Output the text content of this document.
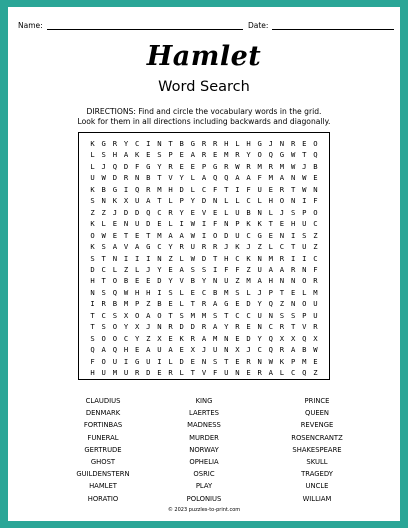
Name:	Date:
Hamlet
Word Search
DIRECTIONS: Find and circle the vocabulary words in the grid.
Look for them in all directions including backwards and diagonally.
K G R Y C I N T B G R R H L H G J N R E O
L S H A K E S P E A R E M R Y O Q G W T Q
L J Q D F G Y R E E P G R W R M R M W J B
U W D R N B T V Y L A Q Q A A F M A N W E
K B G I Q R M H D L C F T I F U E R T W N
S N K X U A T L P Y D N L L C L H O N I F
Z Z J D D Q C R Y E V E L U B N L J S P O
K L E N U D E L I W I F N P K K T E H U C
O W E T E T M A A W I O D U C G E N I S Z
K S A V A G C Y R U R R J K J Z L C T U Z
S T N I I I N Z L W D T H C K N M R I I C
D C L Z L J Y E A S S I F F Z U A A R N F
H T O B E E D Y V B Y N U Z M A H N N O R
N S Q W H H I S L E C B M S L J P T E L M
I R B M P Z B E L T R A G E D Y Q Z N O U
T C S X O A O T S M M S T C C U N S S P U
T S O Y X J N R D D R A Y R E N C R T V R
S O O C Y Z X E K R A M N E D Y Q X X Q X
Q A Q H E A U A E X J U N X J C Q R A B W
F O U I G U I L D E N S T E R N W K P M E
H U M U R D E R L T V F U N E R A L C Q Z
CLAUDIUS
DENMARK
FORTINBAS
FUNERAL
GERTRUDE
GHOST
GUILDENSTERN
HAMLET
HORATIO
KING
LAERTES
MADNESS
MURDER
NORWAY
OPHELIA
OSRIC
PLAY
POLONIUS
PRINCE
QUEEN
REVENGE
ROSENCRANTZ
SHAKESPEARE
SKULL
TRAGEDY
UNCLE
WILLIAM
© 2023 puzzles-to-print.com
